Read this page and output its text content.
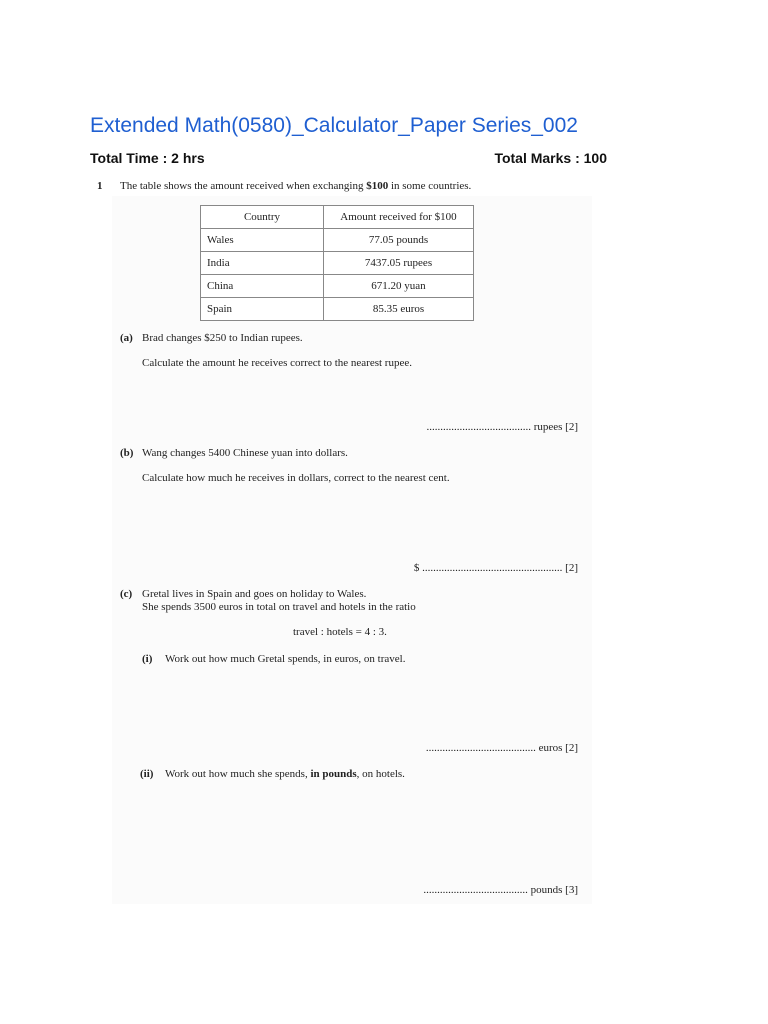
Extended Math(0580)_Calculator_Paper Series_002
Total Time : 2 hrs	Total Marks : 100
1 The table shows the amount received when exchanging $100 in some countries.
Country	Amount received for $100
Wales	77.05 pounds
India	7437.05 rupees
China	671.20 yuan
Spain	85.35 euros
(a) Brad changes $250 to Indian rupees.
Calculate the amount he receives correct to the nearest rupee.
...................................... rupees [2]
(b) Wang changes 5400 Chinese yuan into dollars.
Calculate how much he receives in dollars, correct to the nearest cent.
$ ................................................... [2]
(c) Gretal lives in Spain and goes on holiday to Wales.
She spends 3500 euros in total on travel and hotels in the ratio
travel : hotels = 4 : 3.
(i) Work out how much Gretal spends, in euros, on travel.
........................................ euros [2]
(ii) Work out how much she spends, in pounds, on hotels.
...................................... pounds [3]
